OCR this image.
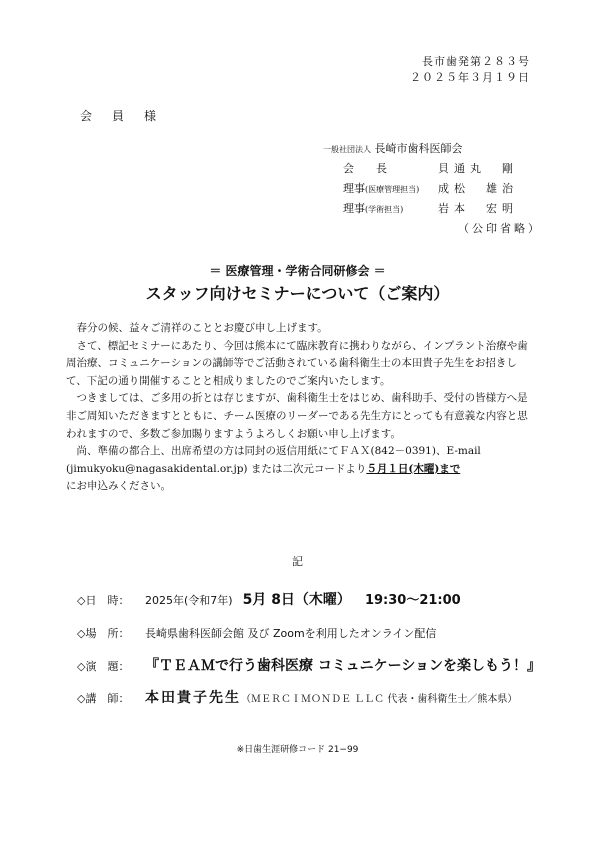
長市歯発第２８３号
２０２５年３月１９日
会員様
一般社団法人 長崎市歯科医師会
会　　長	貝通丸　剛
理事(医療管理担当)	成松　雄治
理事(学術担当)	岩本　宏明
（公印省略）
＝ 医療管理・学術合同研修会 ＝
スタッフ向けセミナーについて（ご案内）

春分の候、益々ご清祥のこととお慶び申し上げます。

さて、標記セミナーにあたり、今回は熊本にて臨床教育に携わりながら、インプラント治療や歯周治療、コミュニケーションの講師等でご活動されている歯科衛生士の本田貴子先生をお招きして、下記の通り開催することと相成りましたのでご案内いたします。

つきましては、ご多用の折とは存じますが、歯科衛生士をはじめ、歯科助手、受付の皆様方へ是非ご周知いただきますとともに、チーム医療のリーダーである先生方にとっても有意義な内容と思われますので、多数ご参加賜りますようよろしくお願い申し上げます。

尚、準備の都合上、出席希望の方は同封の返信用紙にてＦＡＸ(842－0391)、E-mail
(jimukyoku@nagasakidental.or.jp) または二次元コードより５月１日(木曜)まで
にお申込みください。

記
◇日　時：	2025年(令和7年) 5月 8日（木曜） 19:30〜21:00
◇場　所：	長崎県歯科医師会館 及び Zoomを利用したオンライン配信
◇演　題：	『ＴＥＡＭで行う歯科医療 コミュニケーションを楽しもう！』
◇講　師：	本田貴子先生 （ＭＥＲＣＩＭＯＮＤＥ ＬＬＣ 代表・歯科衛生士／熊本県）
※日歯生涯研修コード 21−99
